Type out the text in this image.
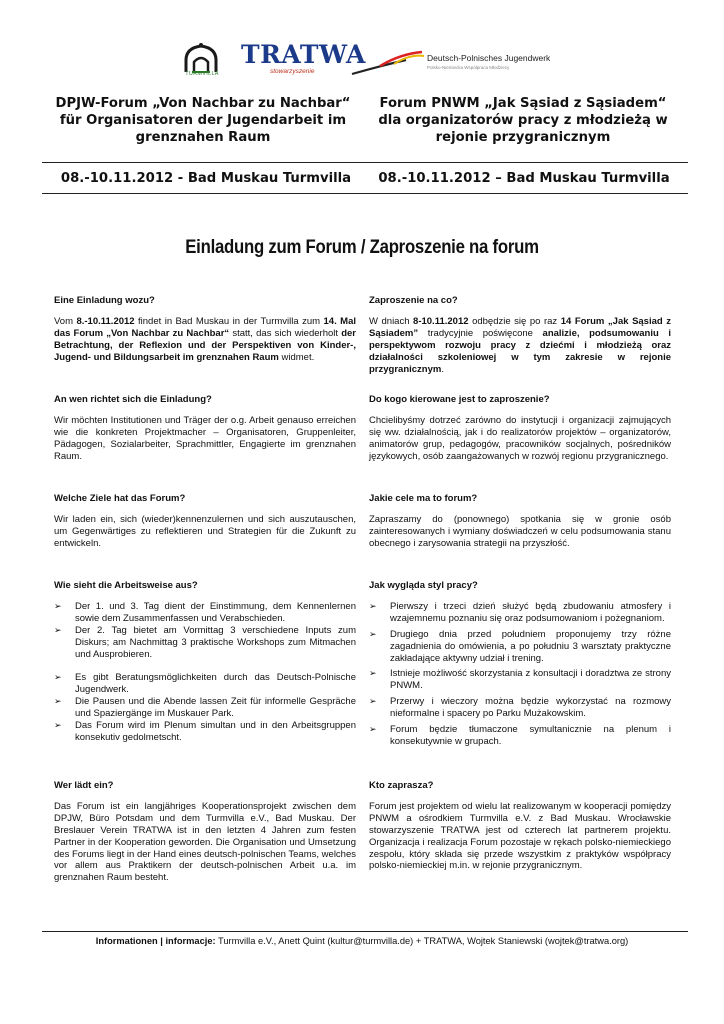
TURMVILLA
TRATWA
stowarzyszenie
Deutsch-Polnisches Jugendwerk
Polsko-Niemiecka Współpraca Młodzieży
DPJW-Forum „Von Nachbar zu Nachbar“
für Organisatoren der Jugendarbeit im grenznahen Raum
Forum PNWM „Jak Sąsiad z Sąsiadem“
dla organizatorów pracy z młodzieżą w rejonie przygranicznym
08.-10.11.2012 - Bad Muskau Turmvilla	08.-10.11.2012 – Bad Muskau Turmvilla
Einladung zum Forum / Zaproszenie na forum

Eine Einladung wozu?

Vom 8.-10.11.2012 findet in Bad Muskau in der Turmvilla zum 14. Mal das Forum „Von Nachbar zu Nachbar“ statt, das sich wiederholt der Betrachtung, der Reflexion und der Perspektiven von Kinder-, Jugend- und Bildungsarbeit im grenznahen Raum widmet.

Zaproszenie na co?

W dniach 8-10.11.2012 odbędzie się po raz 14 Forum „Jak Sąsiad z Sąsiadem” tradycyjnie poświęcone analizie, podsumowaniu i perspektywom rozwoju pracy z dziećmi i młodzieżą oraz działalności szkoleniowej w tym zakresie w rejonie przygranicznym.

An wen richtet sich die Einladung?

Wir möchten Institutionen und Träger der o.g. Arbeit genauso erreichen wie die konkreten Projektmacher – Organisatoren, Gruppenleiter, Pädagogen, Sozialarbeiter, Sprachmittler, Engagierte im grenznahen Raum.

Do kogo kierowane jest to zaproszenie?

Chcielibyśmy dotrzeć zarówno do instytucji i organizacji zajmujących się ww. działalnością, jak i do realizatorów projektów – organizatorów, animatorów grup, pedagogów, pracowników socjalnych, pośredników językowych, osób zaangażowanych w rozwój regionu przygranicznego.

Welche Ziele hat das Forum?

Wir laden ein, sich (wieder)kennenzulernen und sich auszutauschen, um Gegenwärtiges zu reflektieren und Strategien für die Zukunft zu entwickeln.

Jakie cele ma to forum?

Zapraszamy do (ponownego) spotkania się w gronie osób zainteresowanych i wymiany doświadczeń w celu podsumowania stanu obecnego i zarysowania strategii na przyszłość.

Wie sieht die Arbeitsweise aus?

➢ Der 1. und 3. Tag dient der Einstimmung, dem Kennenlernen sowie dem Zusammenfassen und Verabschieden.
➢ Der 2. Tag bietet am Vormittag 3 verschiedene Inputs zum Diskurs; am Nachmittag 3 praktische Workshops zum Mitmachen und Ausprobieren.
➢ Es gibt Beratungsmöglichkeiten durch das Deutsch-Polnische Jugendwerk.
➢ Die Pausen und die Abende lassen Zeit für informelle Gespräche und Spaziergänge im Muskauer Park.
➢ Das Forum wird im Plenum simultan und in den Arbeitsgruppen konsekutiv gedolmetscht.

Jak wygląda styl pracy?

➢ Pierwszy i trzeci dzień służyć będą zbudowaniu atmosfery i wzajemnemu poznaniu się oraz podsumowaniom i pożegnaniom.
➢ Drugiego dnia przed południem proponujemy trzy różne zagadnienia do omówienia, a po południu 3 warsztaty praktyczne zakładające aktywny udział i trening.
➢ Istnieje możliwość skorzystania z konsultacji i doradztwa ze strony PNWM.
➢ Przerwy i wieczory można będzie wykorzystać na rozmowy nieformalne i spacery po Parku Mużakowskim.
➢ Forum będzie tłumaczone symultanicznie na plenum i konsekutywnie w grupach.

Wer lädt ein?

Das Forum ist ein langjähriges Kooperationsprojekt zwischen dem DPJW, Büro Potsdam und dem Turmvilla e.V., Bad Muskau. Der Breslauer Verein TRATWA ist in den letzten 4 Jahren zum festen Partner in der Kooperation geworden. Die Organisation und Umsetzung des Forums liegt in der Hand eines deutsch-polnischen Teams, welches vor allem aus Praktikern der deutsch-polnischen Arbeit u.a. im grenznahen Raum besteht.

Kto zaprasza?

Forum jest projektem od wielu lat realizowanym w kooperacji pomiędzy PNWM a ośrodkiem Turmvilla e.V. z Bad Muskau. Wrocławskie stowarzyszenie TRATWA jest od czterech lat partnerem projektu. Organizacja i realizacja Forum pozostaje w rękach polsko-niemieckiego zespołu, który składa się przede wszystkim z praktyków współpracy polsko-niemieckiej m.in. w rejonie przygranicznym.

Informationen | informacje: Turmvilla e.V., Anett Quint (kultur@turmvilla.de) + TRATWA, Wojtek Staniewski (wojtek@tratwa.org)
